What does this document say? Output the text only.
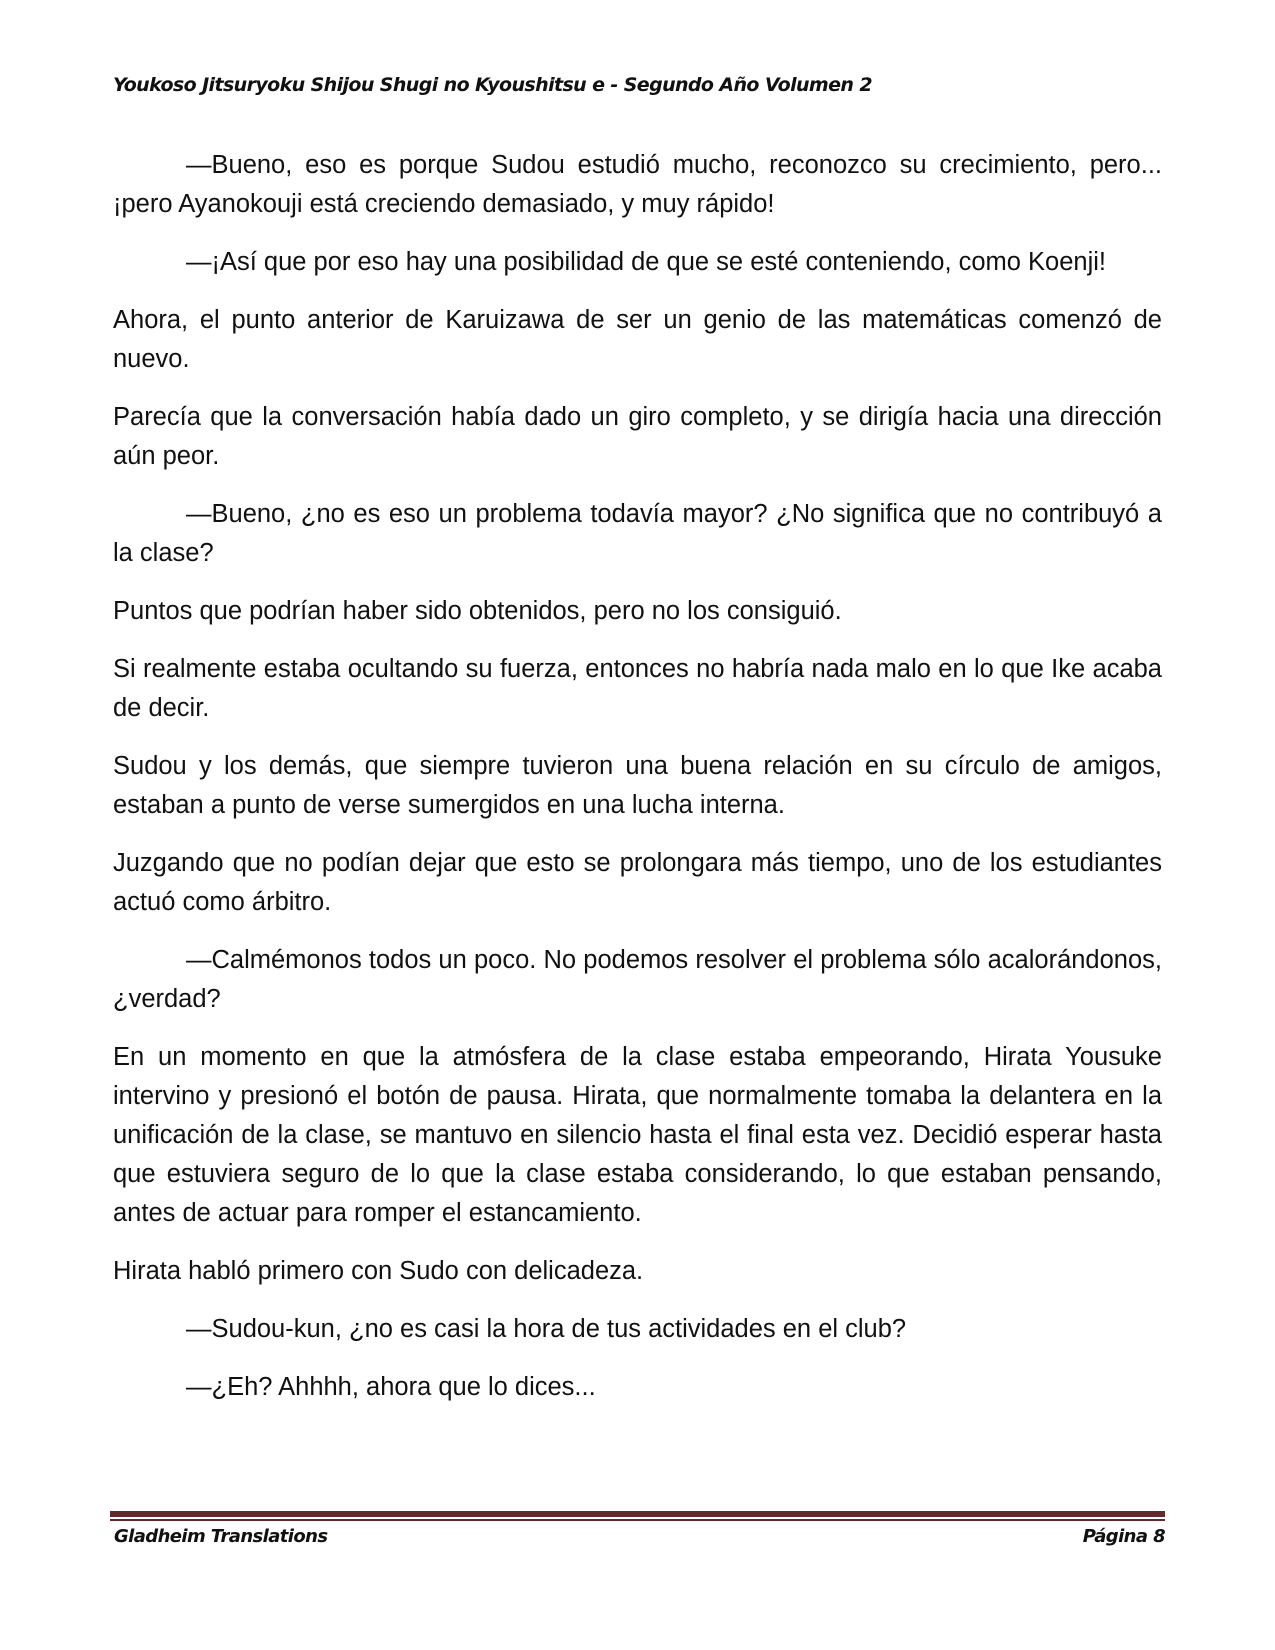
Youkoso Jitsuryoku Shijou Shugi no Kyoushitsu e - Segundo Año Volumen 2

—Bueno, eso es porque Sudou estudió mucho, reconozco su crecimiento, pero... ¡pero Ayanokouji está creciendo demasiado, y muy rápido!

—¡Así que por eso hay una posibilidad de que se esté conteniendo, como Koenji!

Ahora, el punto anterior de Karuizawa de ser un genio de las matemáticas comenzó de nuevo.

Parecía que la conversación había dado un giro completo, y se dirigía hacia una dirección aún peor.

—Bueno, ¿no es eso un problema todavía mayor? ¿No significa que no contribuyó a la clase?

Puntos que podrían haber sido obtenidos, pero no los consiguió.

Si realmente estaba ocultando su fuerza, entonces no habría nada malo en lo que Ike acaba de decir.

Sudou y los demás, que siempre tuvieron una buena relación en su círculo de amigos, estaban a punto de verse sumergidos en una lucha interna.

Juzgando que no podían dejar que esto se prolongara más tiempo, uno de los estudiantes actuó como árbitro.

—Calmémonos todos un poco. No podemos resolver el problema sólo acalorándonos, ¿verdad?

En un momento en que la atmósfera de la clase estaba empeorando, Hirata Yousuke intervino y presionó el botón de pausa. Hirata, que normalmente tomaba la delantera en la unificación de la clase, se mantuvo en silencio hasta el final esta vez. Decidió esperar hasta que estuviera seguro de lo que la clase estaba considerando, lo que estaban pensando, antes de actuar para romper el estancamiento.

Hirata habló primero con Sudo con delicadeza.

—Sudou-kun, ¿no es casi la hora de tus actividades en el club?

—¿Eh? Ahhhh, ahora que lo dices...

Gladheim Translations	Página 8
